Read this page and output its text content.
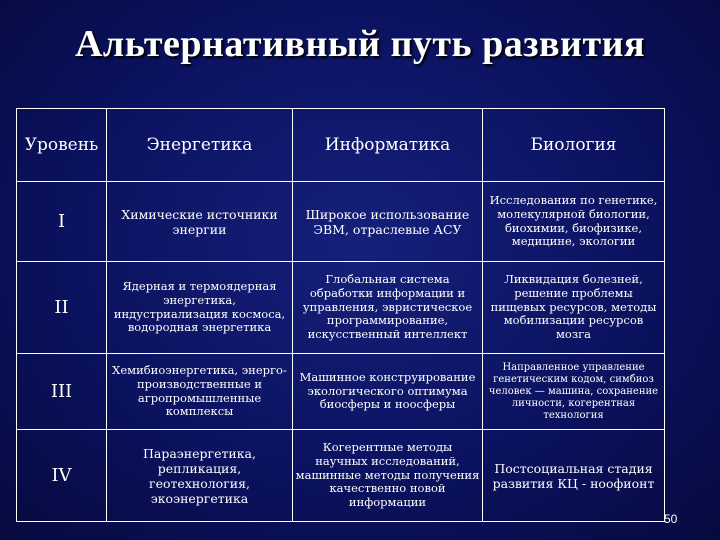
Альтернативный путь развития
Уровень	Энергетика	Информатика	Биология
I	Химические источники энергии	Широкое использование ЭВМ, отраслевые АСУ	Исследования по генетике, молекулярной биологии, биохимии, биофизике, медицине, экологии
II	Ядерная и термоядерная энергетика, индустриализация космоса, водородная энергетика	Глобальная система обработки информации и управления, эвристическое программирование, искусственный интеллект	Ликвидация болезней, решение проблемы пищевых ресурсов, методы мобилизации ресурсов мозга
III	Хемибиоэнергетика, энерго-производственные и агропромышленные комплексы	Машинное конструирование экологического оптимума биосферы и ноосферы	Направленное управление генетическим кодом, симбиоз человек — машина, сохранение личности, когерентная технология
IV	Параэнергетика, репликация, геотехнология, экоэнергетика	Когерентные методы научных исследований, машинные методы получения качественно новой информации	Постсоциальная стадия развития КЦ - ноофионт
50
